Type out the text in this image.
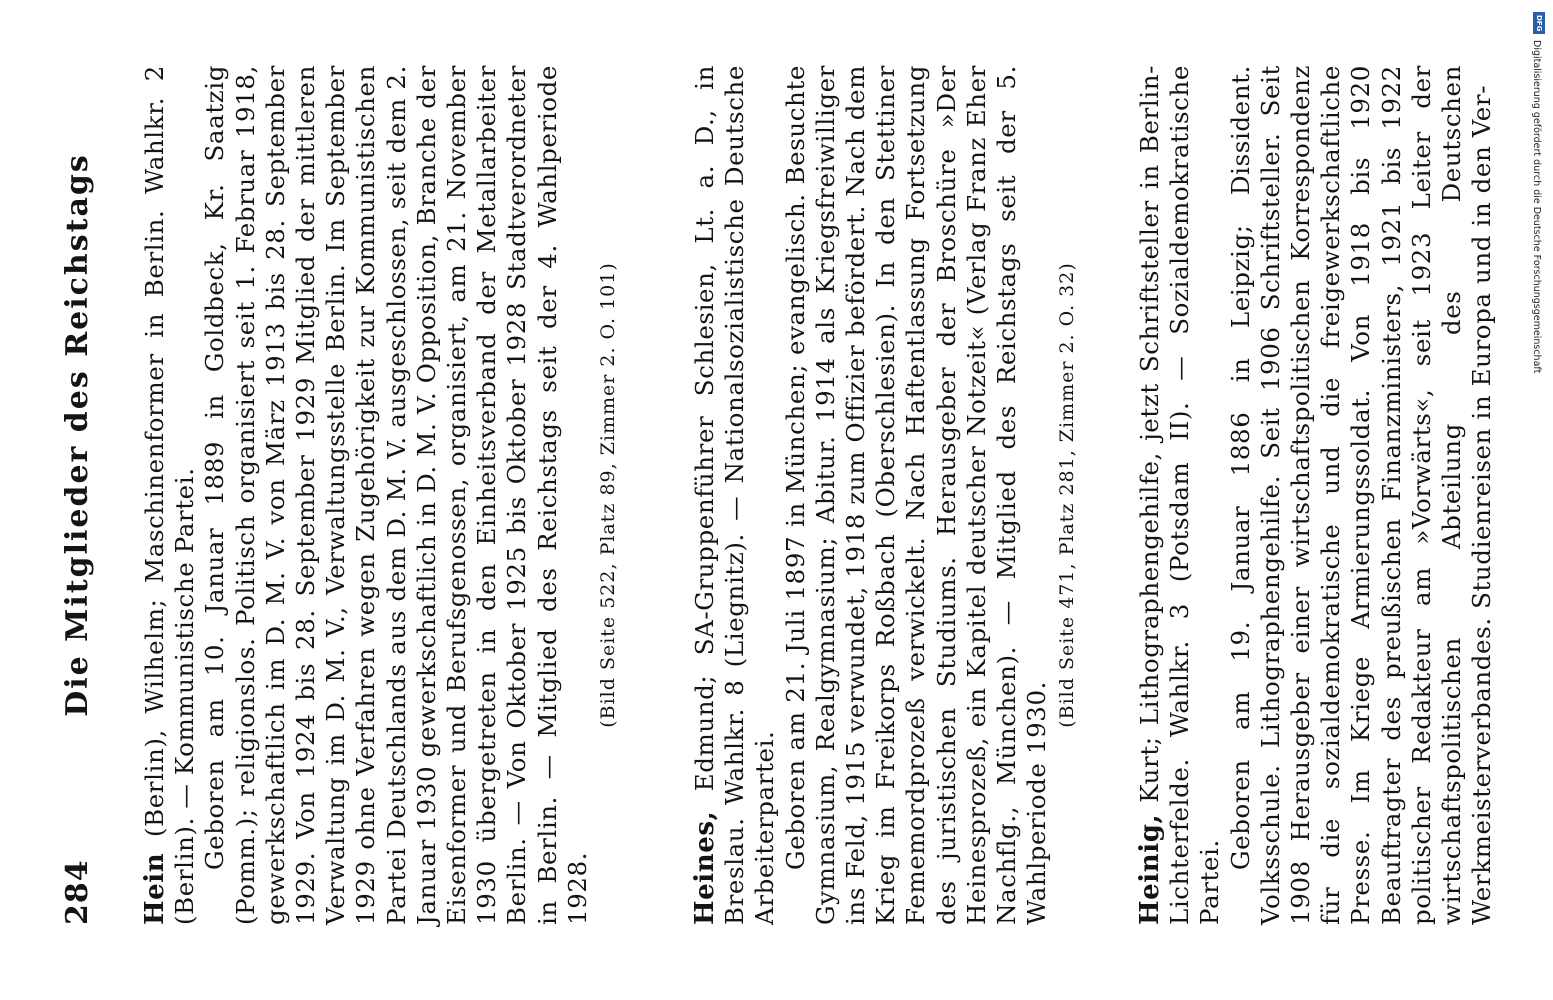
284
Die Mitglieder des Reichstags

Hein (Berlin), Wilhelm; Maschinenformer in Berlin. Wahlkr. 2 (Berlin). — Kommunistische Partei. Geboren am 10. Januar 1889 in Goldbeck, Kr. Saatzig (Pomm.); religionslos. Politisch organisiert seit 1. Februar 1918, gewerkschaftlich im D. M. V. von März 1913 bis 28. September 1929. Von 1924 bis 28. September 1929 Mitglied der mittleren Verwaltung im D. M. V., Verwaltungsstelle Berlin. Im September 1929 ohne Verfahren wegen Zugehörigkeit zur Kommunistischen Partei Deutschlands aus dem D. M. V. ausgeschlossen, seit dem 2. Januar 1930 gewerkschaftlich in D. M. V. Opposition, Branche der Eisenformer und Berufsgenossen, organisiert, am 21. November 1930 übergetreten in den Einheitsverband der Metallarbeiter Berlin. — Von Oktober 1925 bis Oktober 1928 Stadtverordneter in Berlin. — Mitglied des Reichstags seit der 4. Wahlperiode 1928.

(Bild Seite 522, Platz 89, Zimmer 2. O. 101)

Heines, Edmund; SA-Gruppenführer Schlesien, Lt. a. D., in Breslau. Wahlkr. 8 (Liegnitz). — Nationalsozialistische Deutsche Arbeiterpartei. Geboren am 21. Juli 1897 in München; evangelisch. Besuchte Gymnasium, Realgymnasium; Abitur. 1914 als Kriegsfreiwilliger ins Feld, 1915 verwundet, 1918 zum Offizier befördert. Nach dem Krieg im Freikorps Roßbach (Oberschlesien). In den Stettiner Fememordprozeß verwickelt. Nach Haftentlassung Fortsetzung des juristischen Studiums. Herausgeber der Broschüre »Der Heinesprozeß, ein Kapitel deutscher Notzeit« (Verlag Franz Eher Nachflg., München). — Mitglied des Reichstags seit der 5. Wahlperiode 1930.

(Bild Seite 471, Platz 281, Zimmer 2. O. 32)

Heinig, Kurt; Lithographengehilfe, jetzt Schriftsteller in Berlin-Lichterfelde. Wahlkr. 3 (Potsdam II). — Sozialdemokratische Partei.

Geboren am 19. Januar 1886 in Leipzig; Dissident. Volksschule. Lithographengehilfe. Seit 1906 Schriftsteller. Seit 1908 Herausgeber einer wirtschaftspolitischen Korrespondenz für die sozialdemokratische und die freigewerkschaftliche Presse. Im Kriege Armierungssoldat. Von 1918 bis 1920 Beauftragter des preußischen Finanzministers, 1921 bis 1922 politischer Redakteur am »Vorwärts«, seit 1923 Leiter der wirtschaftspolitischen Abteilung des Deutschen Werkmeisterverbandes. Studienreisen in Europa und in den Ver-

DFG
Digitalisierung gefördert durch die Deutsche Forschungsgemeinschaft
